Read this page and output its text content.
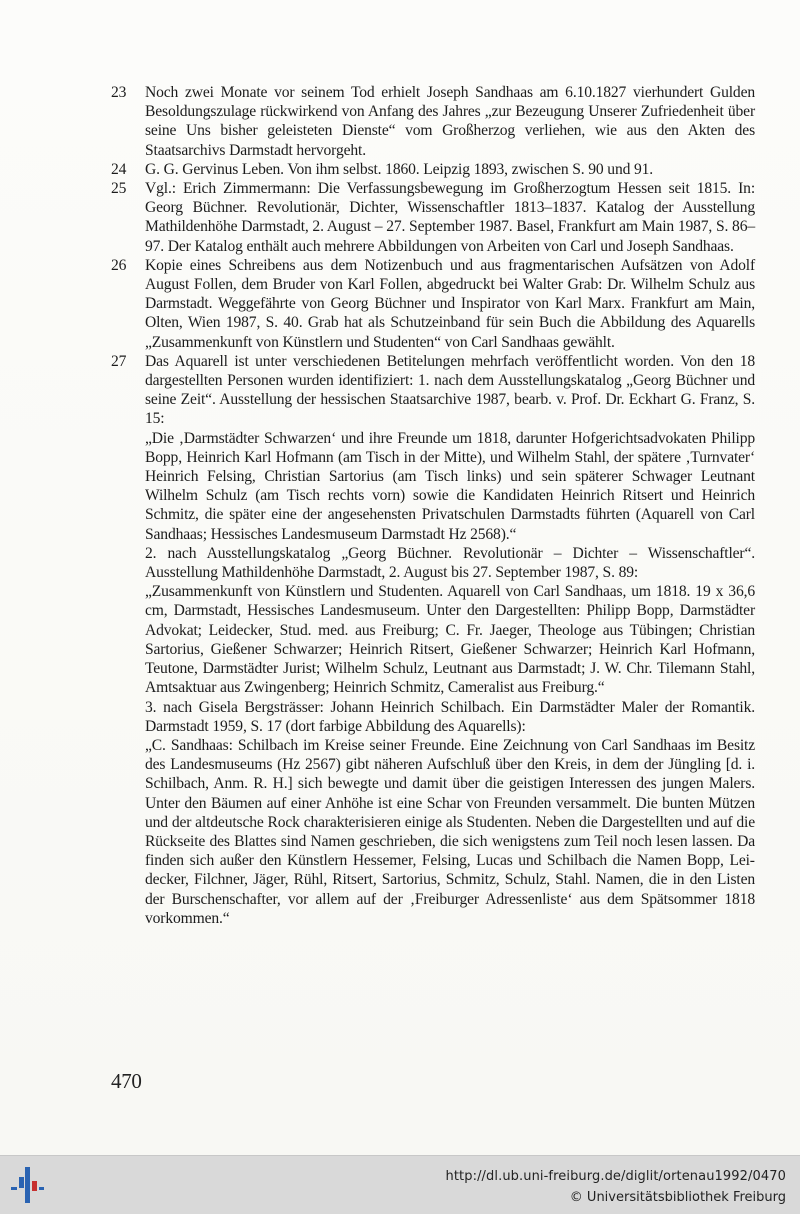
23	Noch zwei Monate vor seinem Tod erhielt Joseph Sandhaas am 6.10.1827 vierhundert Gulden Besoldungszulage rückwirkend von Anfang des Jahres „zur Bezeugung Unserer Zufriedenheit über seine Uns bisher geleisteten Dienste“ vom Großherzog verliehen, wie aus den Akten des Staatsarchivs Darmstadt hervorgeht.

24	G. G. Gervinus Leben. Von ihm selbst. 1860. Leipzig 1893, zwischen S. 90 und 91.

25	Vgl.: Erich Zimmermann: Die Verfassungsbewegung im Großherzogtum Hessen seit 1815. In: Georg Büchner. Revolutionär, Dichter, Wissenschaftler 1813–1837. Katalog der Ausstellung Mathildenhöhe Darmstadt, 2. August – 27. September 1987. Basel, Frankfurt am Main 1987, S. 86–97. Der Katalog enthält auch mehrere Abbildungen von Arbeiten von Carl und Joseph Sandhaas.

26	Kopie eines Schreibens aus dem Notizenbuch und aus fragmentarischen Aufsätzen von Adolf August Follen, dem Bruder von Karl Follen, abgedruckt bei Walter Grab: Dr. Wilhelm Schulz aus Darmstadt. Weggefährte von Georg Büchner und Inspirator von Karl Marx. Frankfurt am Main, Olten, Wien 1987, S. 40. Grab hat als Schutzeinband für sein Buch die Abbildung des Aquarells „Zusammenkunft von Künstlern und Studenten“ von Carl Sandhaas gewählt.

27	Das Aquarell ist unter verschiedenen Betitelungen mehrfach veröffentlicht worden. Von den 18 dargestellten Personen wurden identifiziert: 1. nach dem Ausstellungskatalog „Georg Büchner und seine Zeit“. Ausstellung der hessischen Staatsarchive 1987, bearb. v. Prof. Dr. Eckhart G. Franz, S. 15:

„Die ‚Darmstädter Schwarzen‘ und ihre Freunde um 1818, darunter Hofgerichtsadvokaten Philipp Bopp, Heinrich Karl Hofmann (am Tisch in der Mitte), und Wilhelm Stahl, der spätere ‚Turnvater‘ Heinrich Felsing, Christian Sartorius (am Tisch links) und sein späterer Schwager Leutnant Wilhelm Schulz (am Tisch rechts vorn) sowie die Kandidaten Heinrich Ritsert und Heinrich Schmitz, die später eine der angesehensten Privatschulen Darmstadts führten (Aquarell von Carl Sandhaas; Hessisches Landesmuseum Darmstadt Hz 2568).“

2. nach Ausstellungskatalog „Georg Büchner. Revolutionär – Dichter – Wissenschaftler“. Ausstellung Mathildenhöhe Darmstadt, 2. August bis 27. September 1987, S. 89:

„Zusammenkunft von Künstlern und Studenten. Aquarell von Carl Sandhaas, um 1818. 19 x 36,6 cm, Darmstadt, Hessisches Landesmuseum. Unter den Dargestellten: Philipp Bopp, Darmstädter Advokat; Leidecker, Stud. med. aus Freiburg; C. Fr. Jaeger, Theologe aus Tübingen; Christian Sartorius, Gießener Schwarzer; Heinrich Ritsert, Gießener Schwarzer; Heinrich Karl Hofmann, Teutone, Darmstädter Jurist; Wilhelm Schulz, Leutnant aus Darmstadt; J. W. Chr. Tilemann Stahl, Amtsaktuar aus Zwingenberg; Heinrich Schmitz, Cameralist aus Freiburg.“

3. nach Gisela Bergsträsser: Johann Heinrich Schilbach. Ein Darmstädter Maler der Romantik. Darmstadt 1959, S. 17 (dort farbige Abbildung des Aquarells):

„C. Sandhaas: Schilbach im Kreise seiner Freunde. Eine Zeichnung von Carl Sandhaas im Besitz des Landesmuseums (Hz 2567) gibt näheren Aufschluß über den Kreis, in dem der Jüngling [d. i. Schilbach, Anm. R. H.] sich bewegte und damit über die geistigen Interessen des jungen Malers. Unter den Bäumen auf einer Anhöhe ist eine Schar von Freunden versammelt. Die bunten Mützen und der altdeutsche Rock charakterisieren einige als Studenten. Neben die Dargestellten und auf die Rückseite des Blattes sind Namen geschrieben, die sich wenigstens zum Teil noch lesen lassen. Da finden sich außer den Künstlern Hessemer, Felsing, Lucas und Schilbach die Namen Bopp, Leidecker, Filchner, Jäger, Rühl, Ritsert, Sartorius, Schmitz, Schulz, Stahl. Namen, die in den Listen der Burschenschafter, vor allem auf der ‚Freiburger Adressenliste‘ aus dem Spätsommer 1818 vorkommen.“

470
http://dl.ub.uni-freiburg.de/diglit/ortenau1992/0470
© Universitätsbibliothek Freiburg
